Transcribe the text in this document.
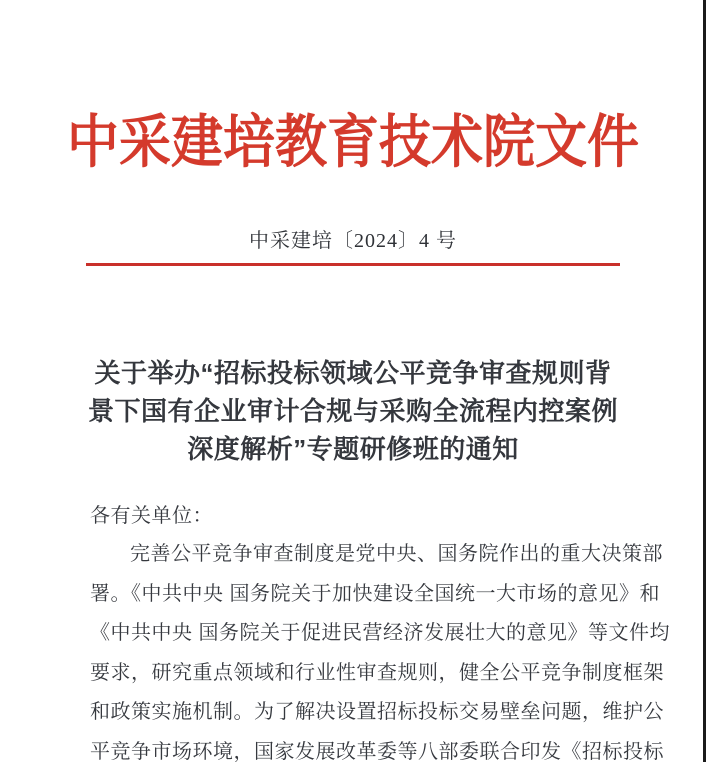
中采建培教育技术院文件
中采建培〔2024〕4 号
关于举办“招标投标领域公平竞争审查规则背
景下国有企业审计合规与采购全流程内控案例
深度解析”专题研修班的通知
各有关单位：
完善公平竞争审查制度是党中央、国务院作出的重大决策部
署。《中共中央 国务院关于加快建设全国统一大市场的意见》和
《中共中央 国务院关于促进民营经济发展壮大的意见》等文件均
要求，研究重点领域和行业性审查规则，健全公平竞争制度框架
和政策实施机制。为了解决设置招标投标交易壁垒问题，维护公
平竞争市场环境，国家发展改革委等八部委联合印发《招标投标
